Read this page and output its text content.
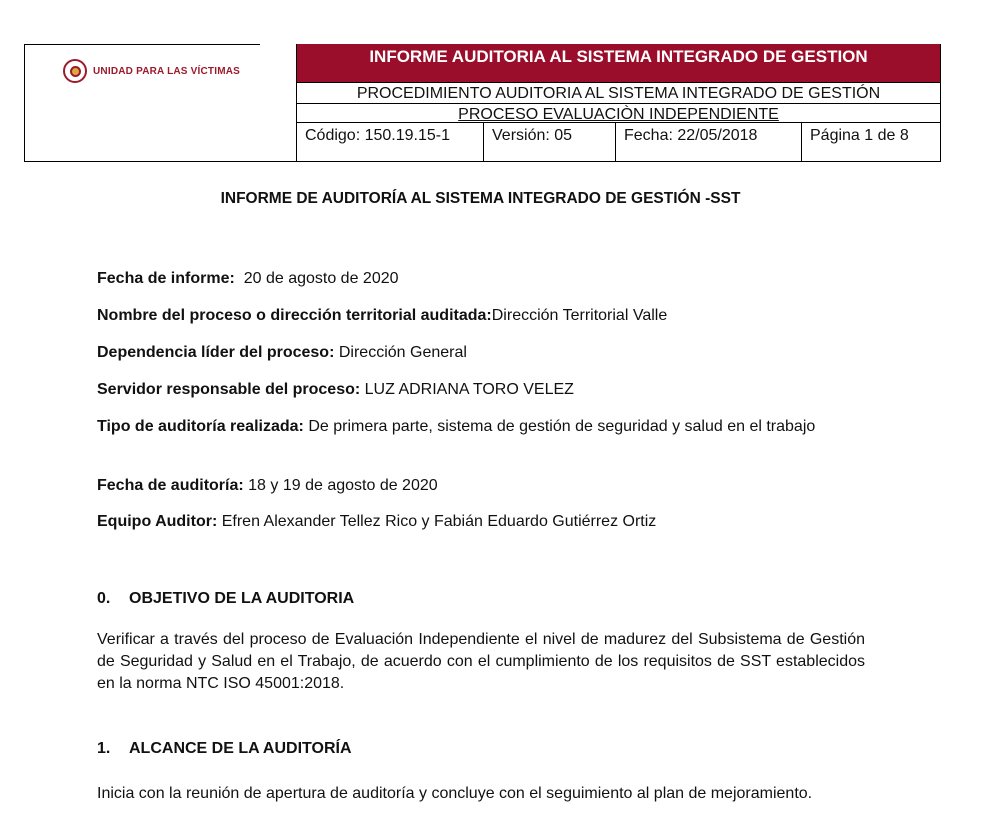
UNIDAD PARA LAS VÍCTIMAS
INFORME AUDITORIA AL SISTEMA INTEGRADO DE GESTION
PROCEDIMIENTO AUDITORIA AL SISTEMA INTEGRADO DE GESTIÓN
PROCESO EVALUACIÒN INDEPENDIENTE
Código: 150.19.15-1	Versión: 05	Fecha: 22/05/2018	Página 1 de 8
INFORME DE AUDITORÍA AL SISTEMA INTEGRADO DE GESTIÓN -SST
Fecha de informe: 20 de agosto de 2020
Nombre del proceso o dirección territorial auditada:Dirección Territorial Valle
Dependencia líder del proceso: Dirección General
Servidor responsable del proceso: LUZ ADRIANA TORO VELEZ
Tipo de auditoría realizada: De primera parte, sistema de gestión de seguridad y salud en el trabajo
Fecha de auditoría: 18 y 19 de agosto de 2020
Equipo Auditor: Efren Alexander Tellez Rico y Fabián Eduardo Gutiérrez Ortiz
0. OBJETIVO DE LA AUDITORIA
Verificar a través del proceso de Evaluación Independiente el nivel de madurez del Subsistema de Gestión de Seguridad y Salud en el Trabajo, de acuerdo con el cumplimiento de los requisitos de SST establecidos en la norma NTC ISO 45001:2018.
1. ALCANCE DE LA AUDITORÍA
Inicia con la reunión de apertura de auditoría y concluye con el seguimiento al plan de mejoramiento.
